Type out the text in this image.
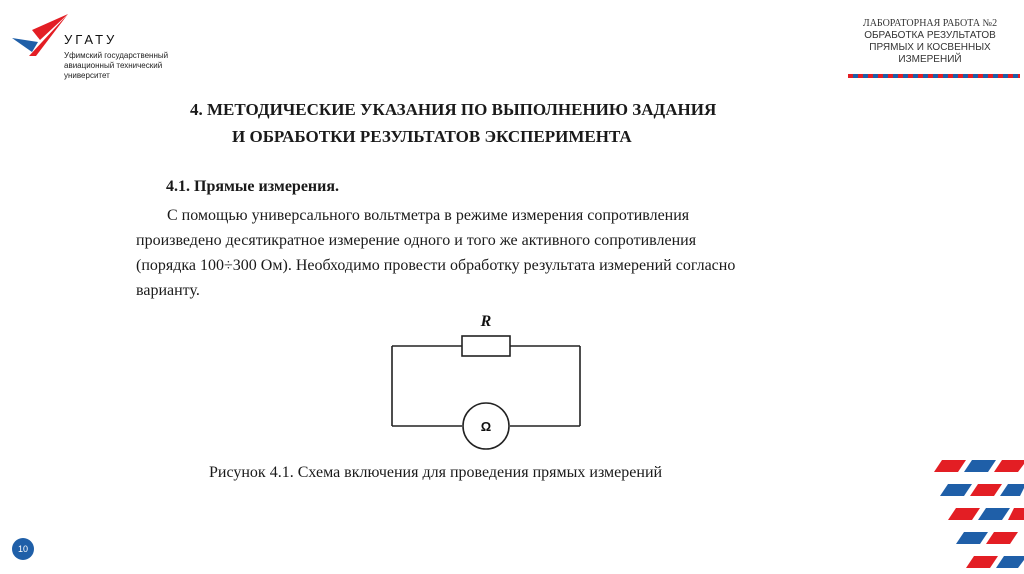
УГАТУ
Уфимский государственный
авиационный технический
университет
ЛАБОРАТОРНАЯ РАБОТА №2
ОБРАБОТКА РЕЗУЛЬТАТОВ
ПРЯМЫХ И КОСВЕННЫХ
ИЗМЕРЕНИЙ
4. МЕТОДИЧЕСКИЕ УКАЗАНИЯ ПО ВЫПОЛНЕНИЮ ЗАДАНИЯ
И ОБРАБОТКИ РЕЗУЛЬТАТОВ ЭКСПЕРИМЕНТА
4.1. Прямые измерения.
С помощью универсального вольтметра в режиме измерения сопротивления
произведено десятикратное измерение одного и того же активного сопротивления
(порядка 100÷300 Ом). Необходимо провести обработку результата измерений согласно
варианту.
R
Ω
Рисунок 4.1. Схема включения для проведения прямых измерений
10
